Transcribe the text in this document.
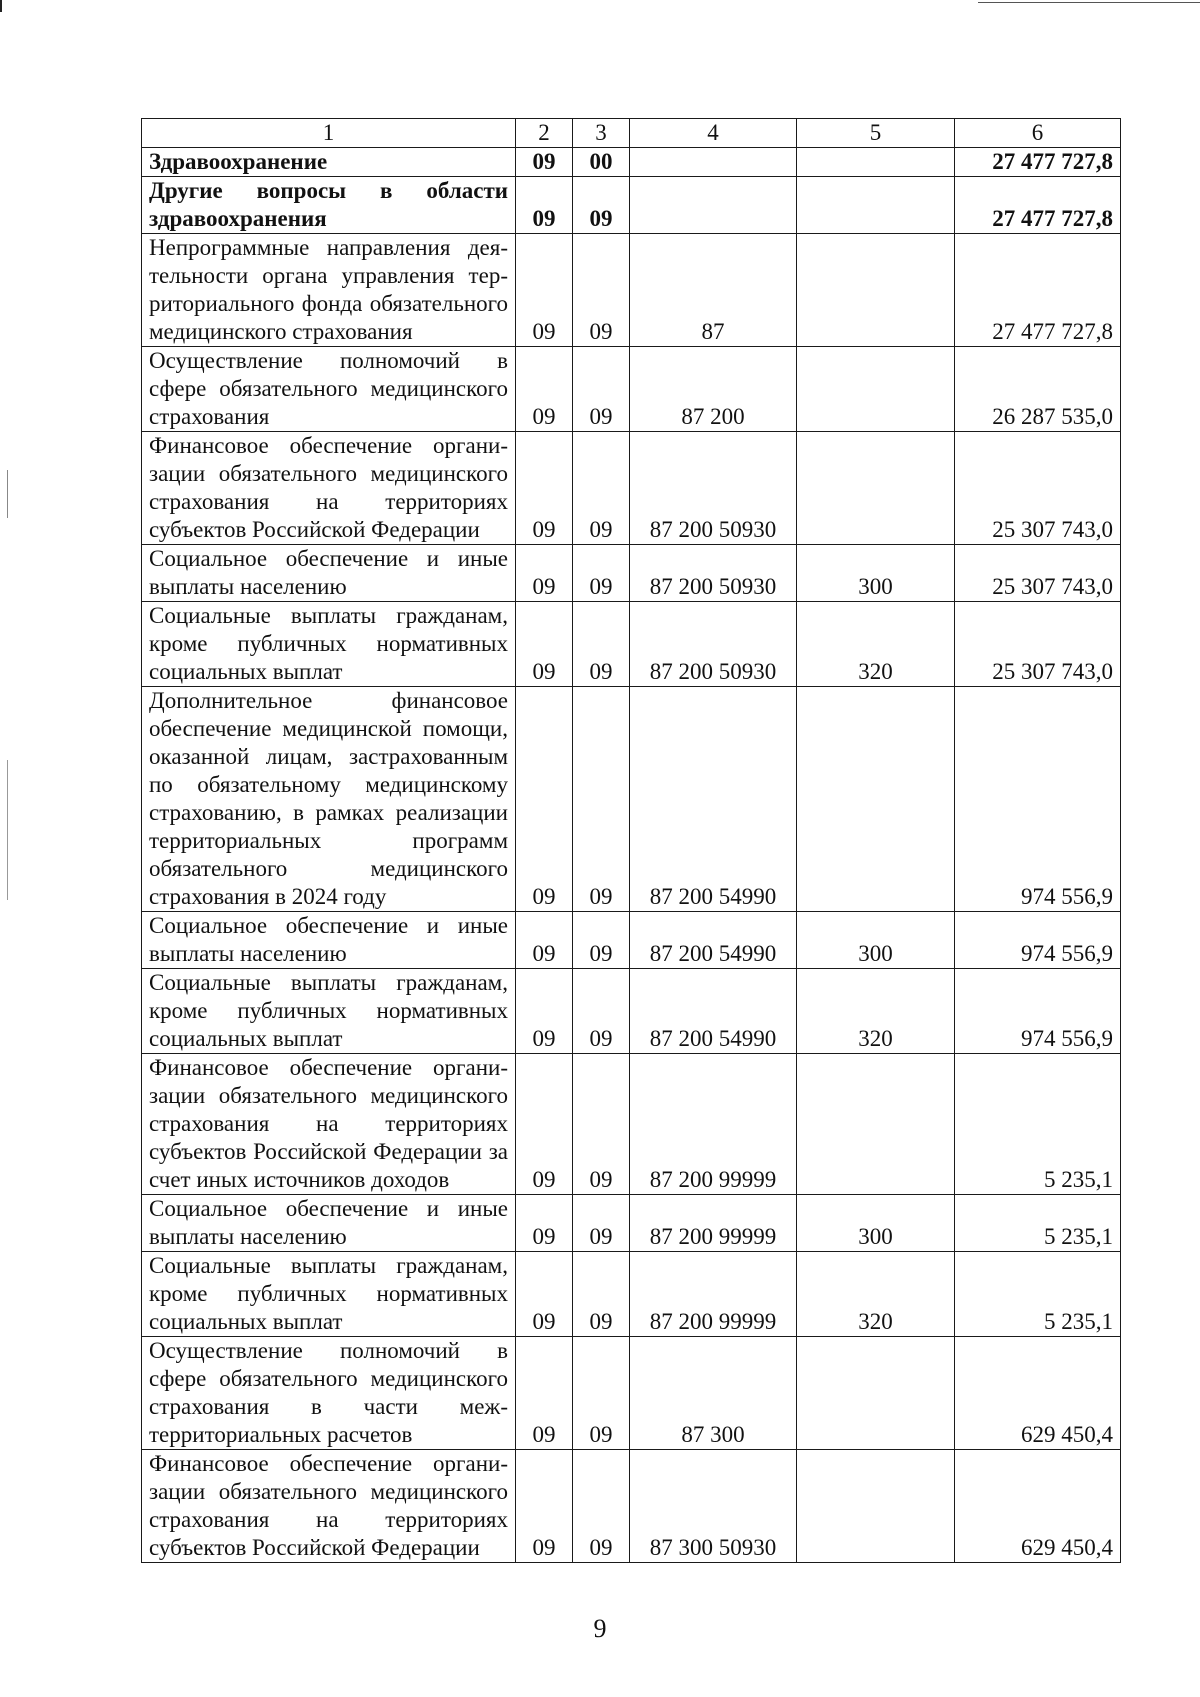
1	2	3	4	5	6
Здравоохранение	09	00			27 477 727,8
Другие вопросы в области здравоохранения	09	09			27 477 727,8
Непрограммные направления деятельности органа управления территориального фонда обязательного медицинского страхования	09	09	87		27 477 727,8
Осуществление полномочий в сфере обязательного медицинского страхования	09	09	87 200		26 287 535,0
Финансовое обеспечение организации обязательного медицинского страхования на территориях субъектов Российской Федерации	09	09	87 200 50930		25 307 743,0
Социальное обеспечение и иные выплаты населению	09	09	87 200 50930	300	25 307 743,0
Социальные выплаты гражданам, кроме публичных нормативных социальных выплат	09	09	87 200 50930	320	25 307 743,0
Дополнительное финансовое обеспечение медицинской помощи, оказанной лицам, застрахованным по обязательному медицинскому страхованию, в рамках реализации территориальных программ обязательного медицинского страхования в 2024 году	09	09	87 200 54990		974 556,9
Социальное обеспечение и иные выплаты населению	09	09	87 200 54990	300	974 556,9
Социальные выплаты гражданам, кроме публичных нормативных социальных выплат	09	09	87 200 54990	320	974 556,9
Финансовое обеспечение организации обязательного медицинского страхования на территориях субъектов Российской Федерации за счет иных источников доходов	09	09	87 200 99999		5 235,1
Социальное обеспечение и иные выплаты населению	09	09	87 200 99999	300	5 235,1
Социальные выплаты гражданам, кроме публичных нормативных социальных выплат	09	09	87 200 99999	320	5 235,1
Осуществление полномочий в сфере обязательного медицинского страхования в части межтерриториальных расчетов	09	09	87 300		629 450,4
Финансовое обеспечение организации обязательного медицинского страхования на территориях субъектов Российской Федерации	09	09	87 300 50930		629 450,4
9
